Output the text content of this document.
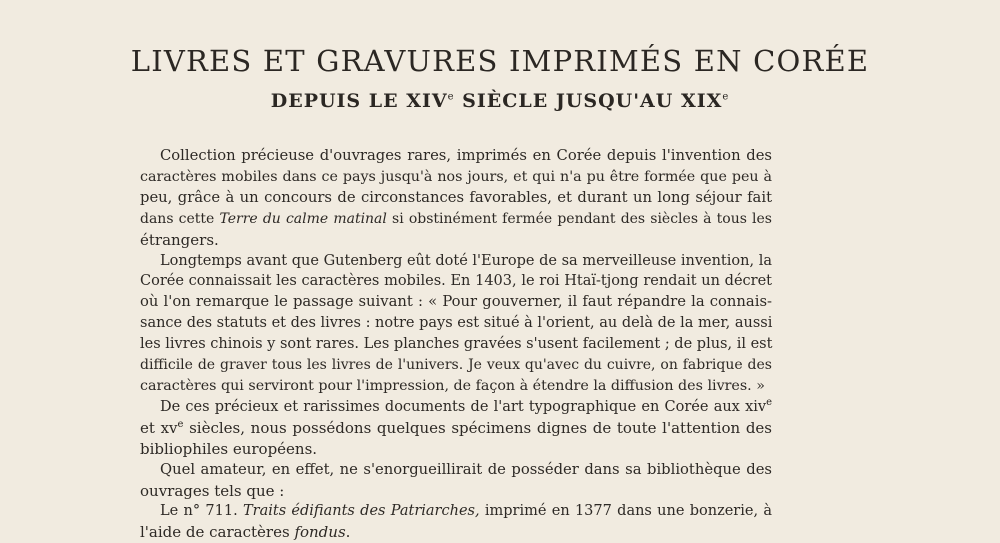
LIVRES ET GRAVURES IMPRIMÉS EN CORÉE
DEPUIS LE XIVe SIÈCLE JUSQU'AU XIXe

Collection précieuse d'ouvrages rares, imprimés en Corée depuis l'invention des
caractères mobiles dans ce pays jusqu'à nos jours, et qui n'a pu être formée que peu à
peu, grâce à un concours de circonstances favorables, et durant un long séjour fait
dans cette Terre du calme matinal si obstinément fermée pendant des siècles à tous les
étrangers.

Longtemps avant que Gutenberg eût doté l'Europe de sa merveilleuse invention, la
Corée connaissait les caractères mobiles. En 1403, le roi Htaï-tjong rendait un décret
où l'on remarque le passage suivant : « Pour gouverner, il faut répandre la connais-
sance des statuts et des livres : notre pays est situé à l'orient, au delà de la mer, aussi
les livres chinois y sont rares. Les planches gravées s'usent facilement ; de plus, il est
difficile de graver tous les livres de l'univers. Je veux qu'avec du cuivre, on fabrique des
caractères qui serviront pour l'impression, de façon à étendre la diffusion des livres. »

De ces précieux et rarissimes documents de l'art typographique en Corée aux xiv$^e$
et $xv^e$ siècles, nous possédons quelques spécimens dignes de toute l'attention des
bibliophiles européens.

Quel amateur, en effet, ne s'enorgueillirait de posséder dans sa bibliothèque des
ouvrages tels que :

Le n° 711. Traits édifiants des Patriarches, imprimé en 1377 dans une bonzerie, à
l'aide de caractères fondus.
